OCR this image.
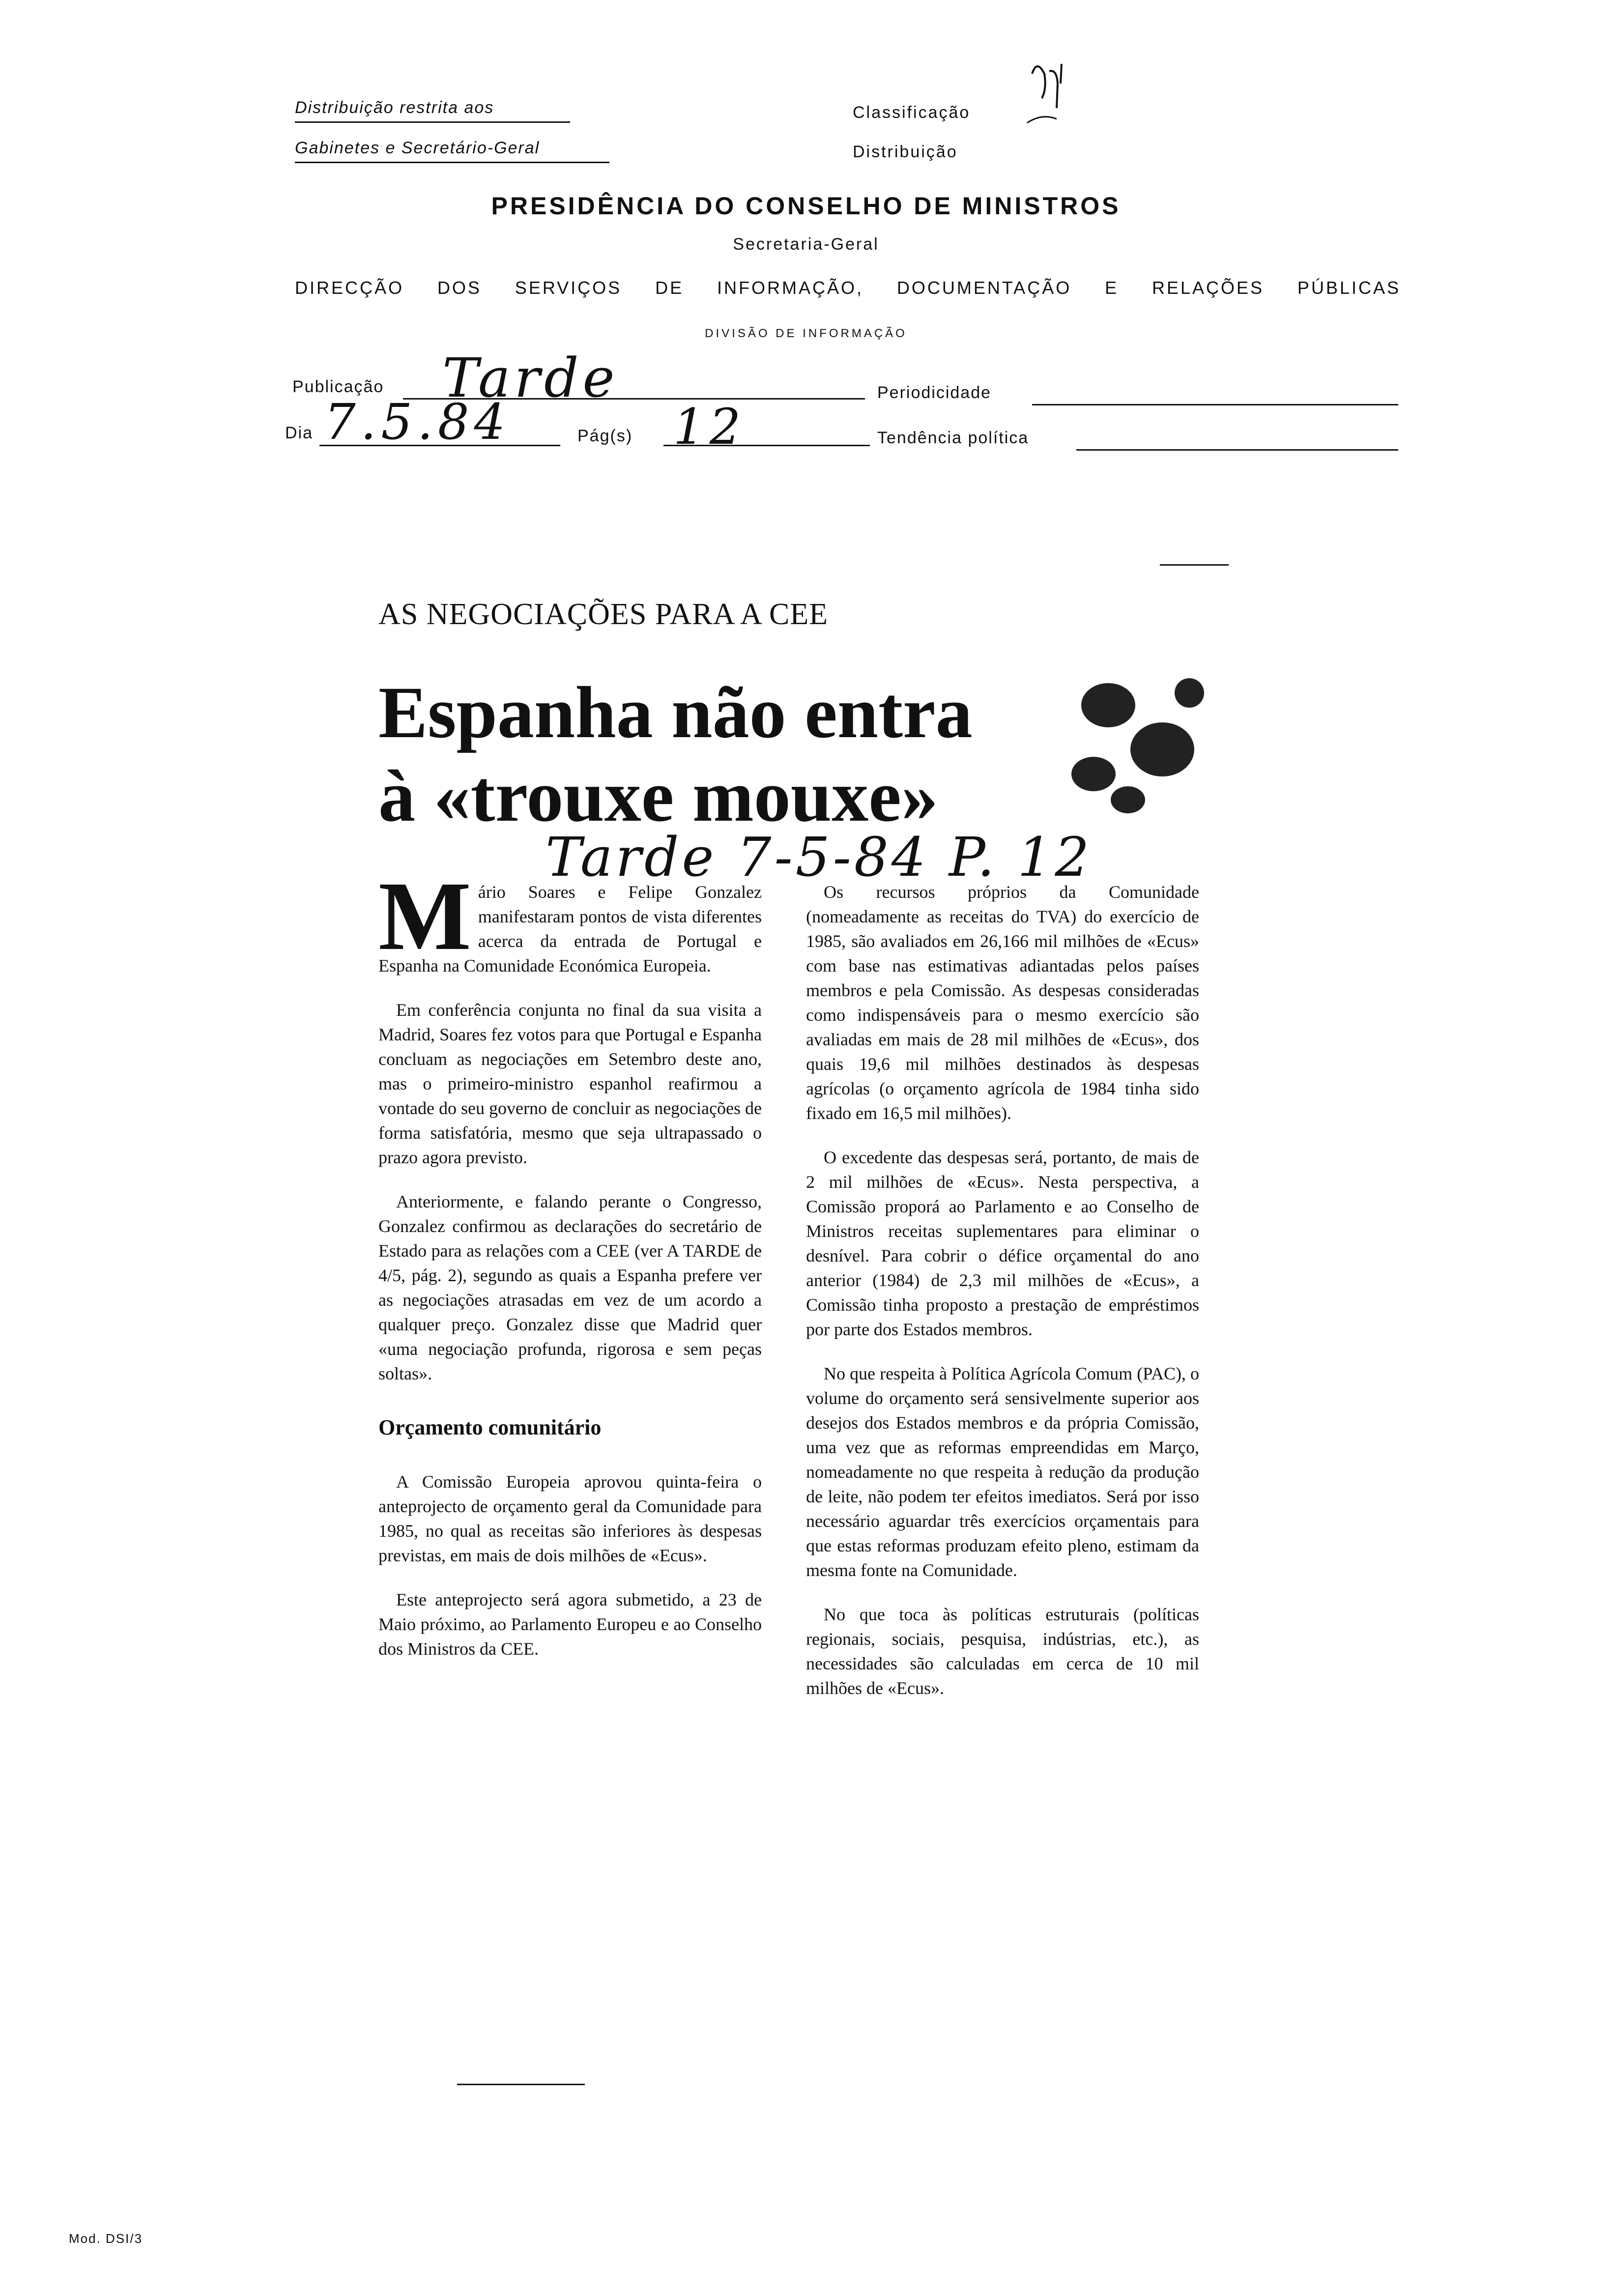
Distribuição restrita aos
Gabinetes e Secretário-Geral
Classificação
Distribuição
PRESIDÊNCIA DO CONSELHO DE MINISTROS
Secretaria-Geral
DIRECÇÃO DOS SERVIÇOS DE INFORMAÇÃO, DOCUMENTAÇÃO E RELAÇÕES PÚBLICAS
DIVISÃO DE INFORMAÇÃO
Publicação Tarde	Periodicidade
Dia 7.5.84	Pág(s) 12	Tendência política
AS NEGOCIAÇÕES PARA A CEE
Espanha não entra
à «trouxe mouxe»
Tarde 7-5-84 P. 12

Mário Soares e Felipe Gonzalez manifestaram pontos de vista diferentes acerca da entrada de Portugal e Espanha na Comunidade Económica Europeia.

Em conferência conjunta no final da sua visita a Madrid, Soares fez votos para que Portugal e Espanha concluam as negociações em Setembro deste ano, mas o primeiro-ministro espanhol reafirmou a vontade do seu governo de concluir as negociações de forma satisfatória, mesmo que seja ultrapassado o prazo agora previsto.

Anteriormente, e falando perante o Congresso, Gonzalez confirmou as declarações do secretário de Estado para as relações com a CEE (ver A TARDE de 4/5, pág. 2), segundo as quais a Espanha prefere ver as negociações atrasadas em vez de um acordo a qualquer preço. Gonzalez disse que Madrid quer «uma negociação profunda, rigorosa e sem peças soltas».

Orçamento comunitário

A Comissão Europeia aprovou quinta-feira o anteprojecto de orçamento geral da Comunidade para 1985, no qual as receitas são inferiores às despesas previstas, em mais de dois milhões de «Ecus».

Este anteprojecto será agora submetido, a 23 de Maio próximo, ao Parlamento Europeu e ao Conselho dos Ministros da CEE.

Os recursos próprios da Comunidade (nomeadamente as receitas do TVA) do exercício de 1985, são avaliados em 26,166 mil milhões de «Ecus» com base nas estimativas adiantadas pelos países membros e pela Comissão. As despesas consideradas como indispensáveis para o mesmo exercício são avaliadas em mais de 28 mil milhões de «Ecus», dos quais 19,6 mil milhões destinados às despesas agrícolas (o orçamento agrícola de 1984 tinha sido fixado em 16,5 mil milhões).

O excedente das despesas será, portanto, de mais de 2 mil milhões de «Ecus». Nesta perspectiva, a Comissão proporá ao Parlamento e ao Conselho de Ministros receitas suplementares para eliminar o desnível. Para cobrir o défice orçamental do ano anterior (1984) de 2,3 mil milhões de «Ecus», a Comissão tinha proposto a prestação de empréstimos por parte dos Estados membros.

No que respeita à Política Agrícola Comum (PAC), o volume do orçamento será sensivelmente superior aos desejos dos Estados membros e da própria Comissão, uma vez que as reformas empreendidas em Março, nomeadamente no que respeita à redução da produção de leite, não podem ter efeitos imediatos. Será por isso necessário aguardar três exercícios orçamentais para que estas reformas produzam efeito pleno, estimam da mesma fonte na Comunidade.

No que toca às políticas estruturais (políticas regionais, sociais, pesquisa, indústrias, etc.), as necessidades são calculadas em cerca de 10 mil milhões de «Ecus».

Mod. DSI/3
